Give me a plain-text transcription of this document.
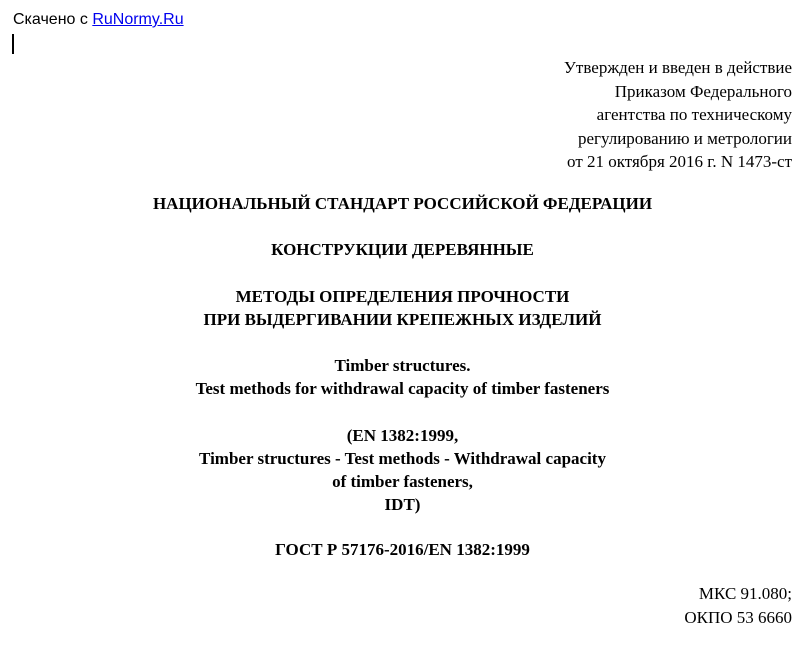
Скачено с RuNormy.Ru
Утвержден и введен в действие
Приказом Федерального
агентства по техническому
регулированию и метрологии
от 21 октября 2016 г. N 1473-ст
НАЦИОНАЛЬНЫЙ СТАНДАРТ РОССИЙСКОЙ ФЕДЕРАЦИИ
КОНСТРУКЦИИ ДЕРЕВЯННЫЕ
МЕТОДЫ ОПРЕДЕЛЕНИЯ ПРОЧНОСТИ
ПРИ ВЫДЕРГИВАНИИ КРЕПЕЖНЫХ ИЗДЕЛИЙ
Timber structures.
Test methods for withdrawal capacity of timber fasteners
(EN 1382:1999,
Timber structures - Test methods - Withdrawal capacity
of timber fasteners,
IDT)
ГОСТ Р 57176-2016/EN 1382:1999
МКС 91.080;
ОКПО 53 6660
